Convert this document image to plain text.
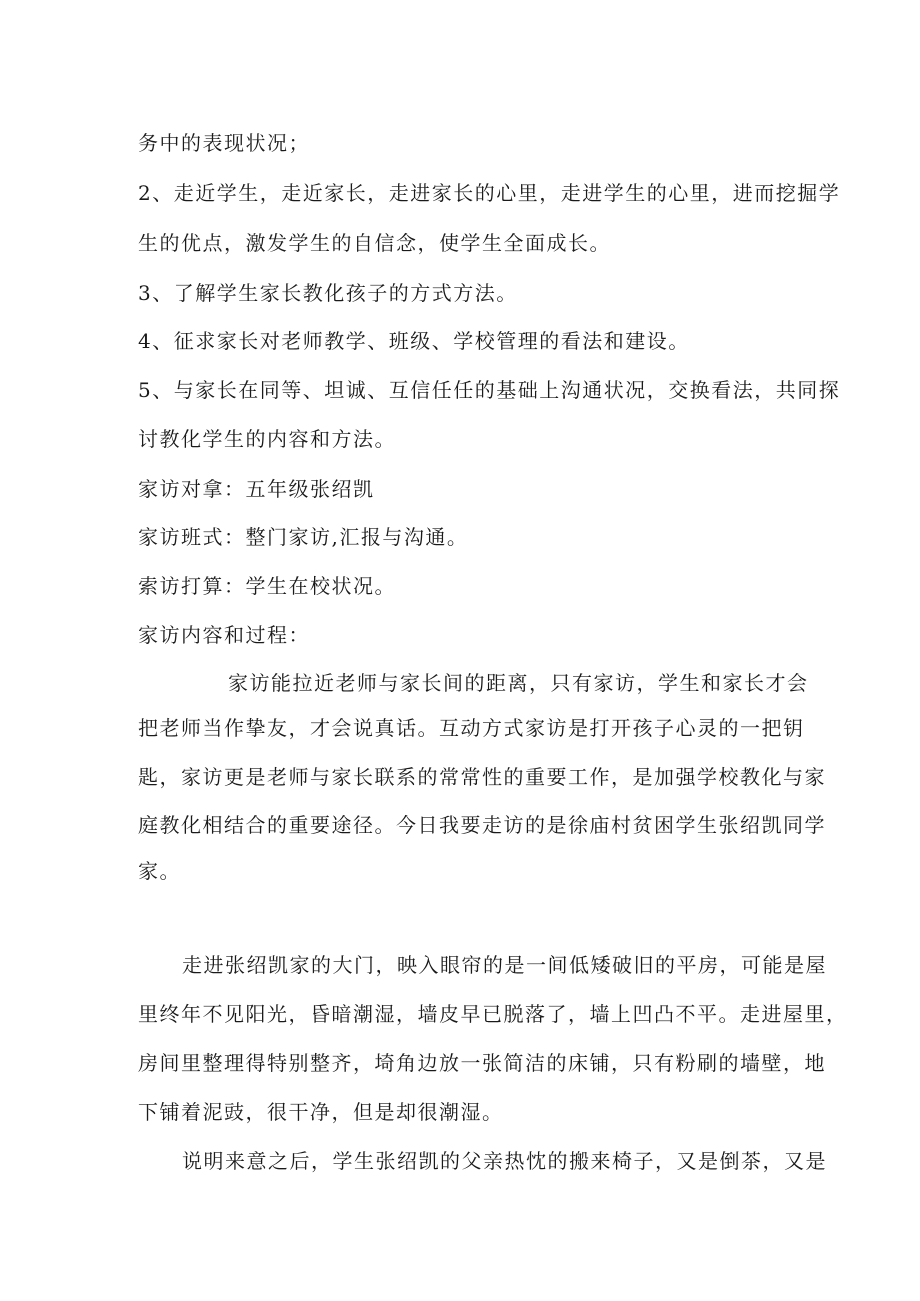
务中的表现状况；
2、走近学生，走近家长，走进家长的心里，走进学生的心里，进而挖掘学
生的优点，激发学生的自信念，使学生全面成长。
3、了解学生家长教化孩子的方式方法。
4、征求家长对老师教学、班级、学校管理的看法和建设。
5、与家长在同等、坦诚、互信任任的基础上沟通状况，交换看法，共同探
讨教化学生的内容和方法。
家访对拿：五年级张绍凯
家访班式：整门家访,汇报与沟通。
索访打算：学生在校状况。
家访内容和过程：
家访能拉近老师与家长间的距离，只有家访，学生和家长才会
把老师当作挚友，才会说真话。互动方式家访是打开孩子心灵的一把钥
匙，家访更是老师与家长联系的常常性的重要工作，是加强学校教化与家
庭教化相结合的重要途径。今日我要走访的是徐庙村贫困学生张绍凯同学
家。
走进张绍凯家的大门，映入眼帘的是一间低矮破旧的平房，可能是屋
里终年不见阳光，昏暗潮湿，墙皮早已脱落了，墙上凹凸不平。走进屋里，
房间里整理得特别整齐，埼角边放一张简洁的床铺，只有粉刷的墙壁，地
下铺着泥豉，很干净，但是却很潮湿。
说明来意之后，学生张绍凯的父亲热忱的搬来椅子，又是倒茶，又是
